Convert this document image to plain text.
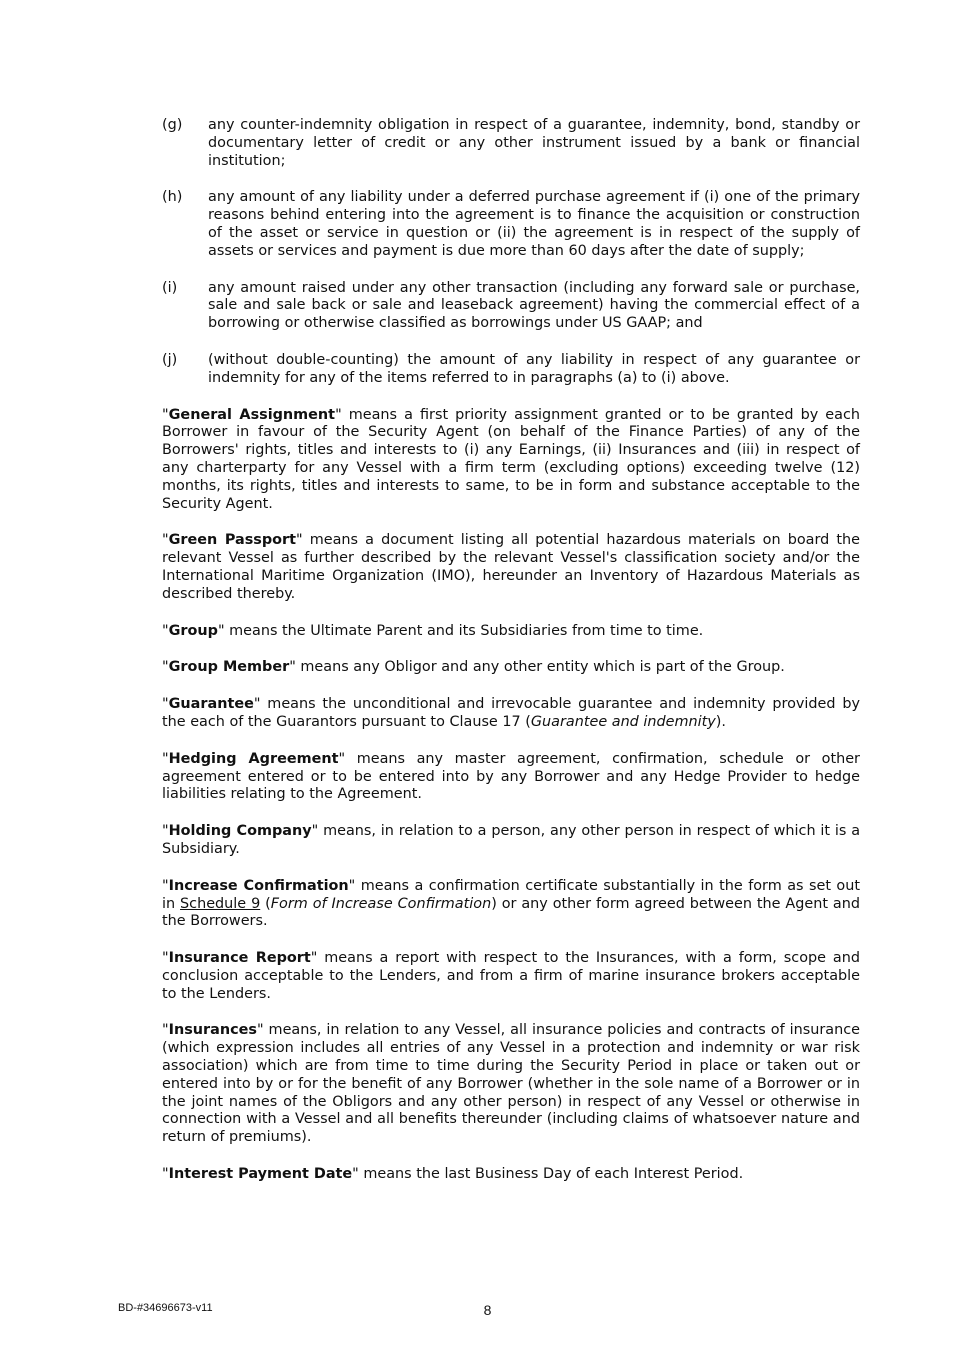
(g)	any counter-indemnity obligation in respect of a guarantee, indemnity, bond, standby or documentary letter of credit or any other instrument issued by a bank or financial institution;
(h)	any amount of any liability under a deferred purchase agreement if (i) one of the primary reasons behind entering into the agreement is to finance the acquisition or construction of the asset or service in question or (ii) the agreement is in respect of the supply of assets or services and payment is due more than 60 days after the date of supply;
(i)	any amount raised under any other transaction (including any forward sale or purchase, sale and sale back or sale and leaseback agreement) having the commercial effect of a borrowing or otherwise classified as borrowings under US GAAP; and
(j)	(without double-counting) the amount of any liability in respect of any guarantee or indemnity for any of the items referred to in paragraphs (a) to (i) above.

"General Assignment" means a first priority assignment granted or to be granted by each Borrower in favour of the Security Agent (on behalf of the Finance Parties) of any of the Borrowers' rights, titles and interests to (i) any Earnings, (ii) Insurances and (iii) in respect of any charterparty for any Vessel with a firm term (excluding options) exceeding twelve (12) months, its rights, titles and interests to same, to be in form and substance acceptable to the Security Agent.

"Green Passport" means a document listing all potential hazardous materials on board the relevant Vessel as further described by the relevant Vessel's classification society and/or the International Maritime Organization (IMO), hereunder an Inventory of Hazardous Materials as described thereby.

"Group" means the Ultimate Parent and its Subsidiaries from time to time.

"Group Member" means any Obligor and any other entity which is part of the Group.

"Guarantee" means the unconditional and irrevocable guarantee and indemnity provided by the each of the Guarantors pursuant to Clause 17 (Guarantee and indemnity).

"Hedging Agreement" means any master agreement, confirmation, schedule or other agreement entered or to be entered into by any Borrower and any Hedge Provider to hedge liabilities relating to the Agreement.

"Holding Company" means, in relation to a person, any other person in respect of which it is a Subsidiary.

"Increase Confirmation" means a confirmation certificate substantially in the form as set out in Schedule 9 (Form of Increase Confirmation) or any other form agreed between the Agent and the Borrowers.

"Insurance Report" means a report with respect to the Insurances, with a form, scope and conclusion acceptable to the Lenders, and from a firm of marine insurance brokers acceptable to the Lenders.

"Insurances" means, in relation to any Vessel, all insurance policies and contracts of insurance (which expression includes all entries of any Vessel in a protection and indemnity or war risk association) which are from time to time during the Security Period in place or taken out or entered into by or for the benefit of any Borrower (whether in the sole name of a Borrower or in the joint names of the Obligors and any other person) in respect of any Vessel or otherwise in connection with a Vessel and all benefits thereunder (including claims of whatsoever nature and return of premiums).

"Interest Payment Date" means the last Business Day of each Interest Period.

BD-#34696673-v11	8
